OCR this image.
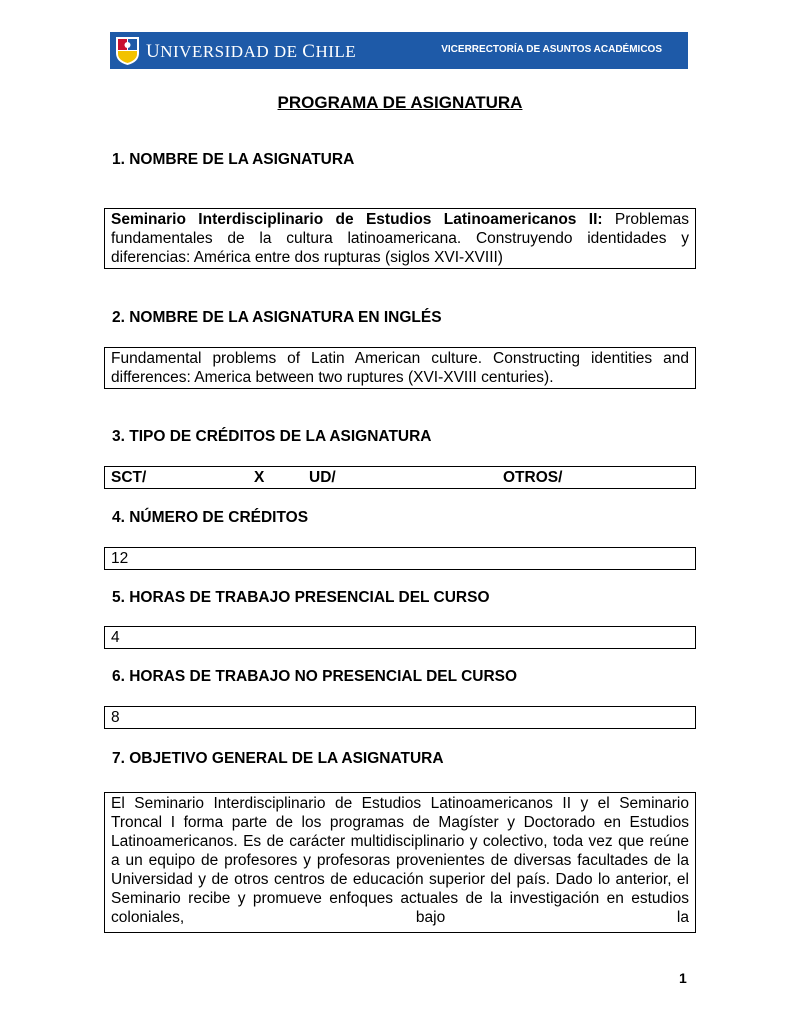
UNIVERSIDAD DE CHILE	VICERRECTORÍA DE ASUNTOS ACADÉMICOS
PROGRAMA DE ASIGNATURA
1. NOMBRE DE LA ASIGNATURA
Seminario Interdisciplinario de Estudios Latinoamericanos II: Problemas fundamentales de la cultura latinoamericana. Construyendo identidades y diferencias: América entre dos rupturas (siglos XVI-XVIII)
2. NOMBRE DE LA ASIGNATURA EN INGLÉS
Fundamental problems of Latin American culture. Constructing identities and differences: America between two ruptures (XVI-XVIII centuries).
3. TIPO DE CRÉDITOS DE LA ASIGNATURA
SCT/	X	UD/	OTROS/
4. NÚMERO DE CRÉDITOS
12
5. HORAS DE TRABAJO PRESENCIAL DEL CURSO
4
6. HORAS DE TRABAJO NO PRESENCIAL DEL CURSO
8
7. OBJETIVO GENERAL DE LA ASIGNATURA
El Seminario Interdisciplinario de Estudios Latinoamericanos II y el Seminario Troncal I forma parte de los programas de Magíster y Doctorado en Estudios Latinoamericanos. Es de carácter multidisciplinario y colectivo, toda vez que reúne a un equipo de profesores y profesoras provenientes de diversas facultades de la Universidad y de otros centros de educación superior del país. Dado lo anterior, el Seminario recibe y promueve enfoques actuales de la investigación en estudios coloniales, bajo la
1
